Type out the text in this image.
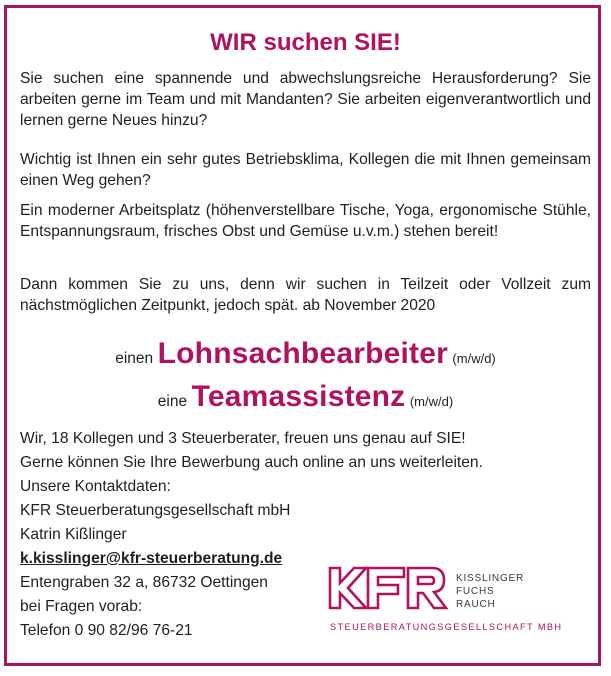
WIR suchen SIE!
Sie suchen eine spannende und abwechslungsreiche Herausforderung? Sie arbeiten gerne im Team und mit Mandanten? Sie arbeiten eigenverantwortlich und lernen gerne Neues hinzu?
Wichtig ist Ihnen ein sehr gutes Betriebsklima, Kollegen die mit Ihnen gemeinsam einen Weg gehen?
Ein moderner Arbeitsplatz (höhenverstellbare Tische, Yoga, ergonomische Stühle, Entspannungsraum, frisches Obst und Gemüse u.v.m.) stehen bereit!
Dann kommen Sie zu uns, denn wir suchen in Teilzeit oder Vollzeit zum nächstmöglichen Zeitpunkt, jedoch spät. ab November 2020
einen Lohnsachbearbeiter (m/w/d)
eine Teamassistenz (m/w/d)
Wir, 18 Kollegen und 3 Steuerberater, freuen uns genau auf SIE!
Gerne können Sie Ihre Bewerbung auch online an uns weiterleiten.
Unsere Kontaktdaten:
KFR Steuerberatungsgesellschaft mbH
Katrin Kißlinger
k.kisslinger@kfr-steuerberatung.de
Entengraben 32 a, 86732 Oettingen
bei Fragen vorab:
Telefon 0 90 82/96 76-21
KISSLINGER
FUCHS
RAUCH
STEUERBERATUNGSGESELLSCHAFT MBH
